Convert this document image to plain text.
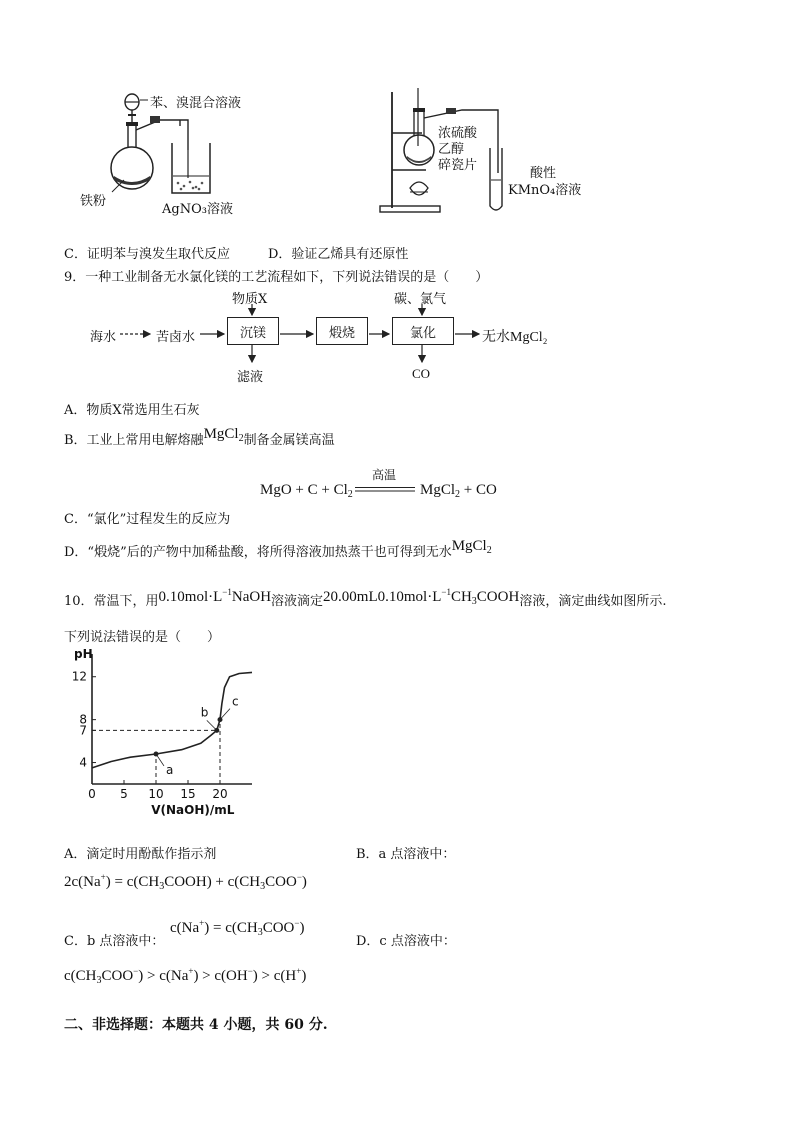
苯、溴混合溶液
铁粉
AgNO₃溶液
浓硫酸
乙醇
碎瓷片
酸性
KMnO₄溶液
C．证明苯与溴发生取代反应	D．验证乙烯具有还原性
9．一种工业制备无水氯化镁的工艺流程如下，下列说法错误的是（　　）
物质X	碳、氯气
海水	苦卤水	沉镁	煅烧	氯化	无水MgCl₂
滤液	CO
A．物质X常选用生石灰
B．工业上常用电解熔融MgCl$_2$制备金属镁高温
高温
MgO + $C + Cl_2$	MgCl$_2$ + CO
C．“氯化”过程发生的反应为
D．“煅烧”后的产物中加稀盐酸，将所得溶液加热蒸干也可得到无水MgCl$_2$
10．常温下，用$0.10mol\cdot L^{-1}NaOH$溶液滴定$20.00mL0.10mol\cdot L^{-1}CH_3COOH$溶液，滴定曲线如图所示.
下列说法错误的是（　　）
pH
V(NaOH)/mL
0 5 10 15 20
4
7
8
12
a
b
c
A．滴定时用酚酞作指示剂	B．a 点溶液中：
$2c(Na^+) = c(CH_3COOH) + c(CH_3COO^-)$
C．b 点溶液中：
$c(Na^+) = c(CH_3COO^-)$
D．c 点溶液中：
$c(CH_3COO^-) > c(Na^+) > c(OH^-) > c(H^+)$
二、非选择题：本题共 4 小题，共 60 分.
